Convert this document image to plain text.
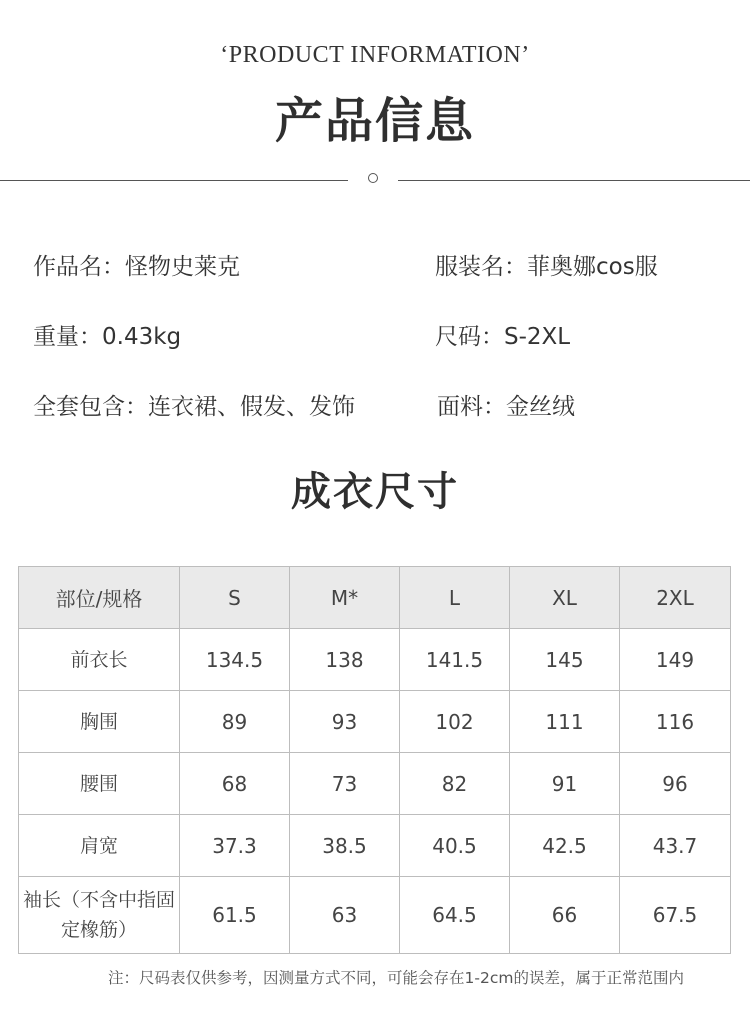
‘PRODUCT INFORMATION’
产品信息
作品名：怪物史莱克	服装名：菲奥娜cos服
重量：0.43kg	尺码：S-2XL
全套包含：连衣裙、假发、发饰	面料：金丝绒
成衣尺寸
部位/规格	S	M*	L	XL	2XL
前衣长	134.5	138	141.5	145	149
胸围	89	93	102	111	116
腰围	68	73	82	91	96
肩宽	37.3	38.5	40.5	42.5	43.7
袖长（不含中指固定橡筋）	61.5	63	64.5	66	67.5
注：尺码表仅供参考，因测量方式不同，可能会存在1-2cm的误差，属于正常范围内
